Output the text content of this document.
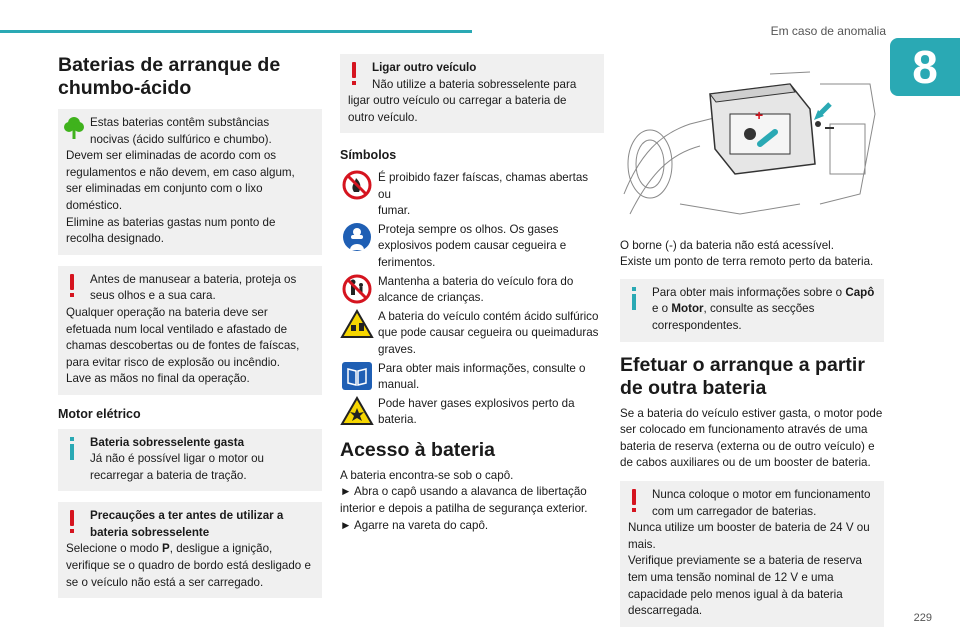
Em caso de anomalia
8
Baterias de arranque de chumbo-ácido

Estas baterias contêm substâncias

nocivas (ácido sulfúrico e chumbo).

Devem ser eliminadas de acordo com os regulamentos e não devem, em caso algum, ser eliminadas em conjunto com o lixo doméstico.

Elimine as baterias gastas num ponto de recolha designado.

Antes de manusear a bateria, proteja os

seus olhos e a sua cara.

Qualquer operação na bateria deve ser efetuada num local ventilado e afastado de chamas descobertas ou de fontes de faíscas, para evitar risco de explosão ou incêndio.

Lave as mãos no final da operação.

Motor elétrico

Bateria sobresselente gasta

Já não é possível ligar o motor ou recarregar a bateria de tração.

Precauções a ter antes de utilizar a

bateria sobresselente

Selecione o modo P, desligue a ignição, verifique se o quadro de bordo está desligado e se o veículo não está a ser carregado.

Ligar outro veículo

Não utilize a bateria sobresselente para ligar outro veículo ou carregar a bateria de outro veículo.

Símbolos

É proibido fazer faíscas, chamas abertas ou

fumar.

Proteja sempre os olhos. Os gases

explosivos podem causar cegueira e ferimentos.

Mantenha a bateria do veículo fora do

alcance de crianças.

A bateria do veículo contém ácido sulfúrico

que pode causar cegueira ou queimaduras graves.

Para obter mais informações, consulte o

manual.

Pode haver gases explosivos perto da

bateria.

Acesso à bateria

A bateria encontra-se sob o capô.

► Abra o capô usando a alavanca de libertação interior e depois a patilha de segurança exterior.

► Agarre na vareta do capô.

+

O borne (-) da bateria não está acessível.

Existe um ponto de terra remoto perto da bateria.

Para obter mais informações sobre o Capô

e o Motor, consulte as secções correspondentes.

Efetuar o arranque a partir de outra bateria

Se a bateria do veículo estiver gasta, o motor pode ser colocado em funcionamento através de uma bateria de reserva (externa ou de outro veículo) e de cabos auxiliares ou de um booster de bateria.

Nunca coloque o motor em funcionamento

com um carregador de baterias.

Nunca utilize um booster de bateria de 24 V ou mais.

Verifique previamente se a bateria de reserva tem uma tensão nominal de 12 V e uma capacidade pelo menos igual à da bateria descarregada.

229
